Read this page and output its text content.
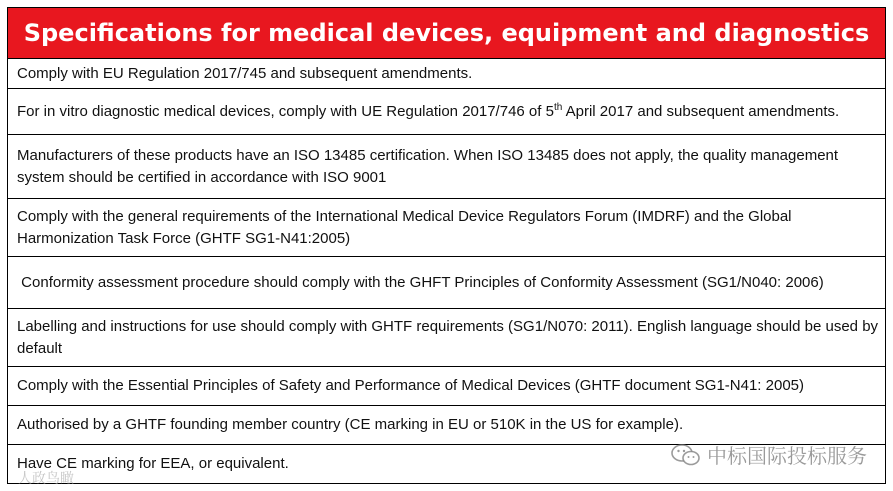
Specifications for medical devices, equipment and diagnostics
Comply with EU Regulation 2017/745 and subsequent amendments.
For in vitro diagnostic medical devices, comply with UE Regulation 2017/746 of 5th April 2017 and subsequent amendments.
Manufacturers of these products have an ISO 13485 certification. When ISO 13485 does not apply, the quality management system should be certified in accordance with ISO 9001
Comply with the general requirements of the International Medical Device Regulators Forum (IMDRF) and the Global Harmonization Task Force (GHTF SG1-N41:2005)
Conformity assessment procedure should comply with the GHFT Principles of Conformity Assessment (SG1/N040: 2006)
Labelling and instructions for use should comply with GHTF requirements (SG1/N070: 2011). English language should be used by default
Comply with the Essential Principles of Safety and Performance of Medical Devices (GHTF document SG1-N41: 2005)
Authorised by a GHTF founding member country (CE marking in EU or 510K in the US for example).
Have CE marking for EEA, or equivalent.	中标国际投标服务
人政鸟瞰
